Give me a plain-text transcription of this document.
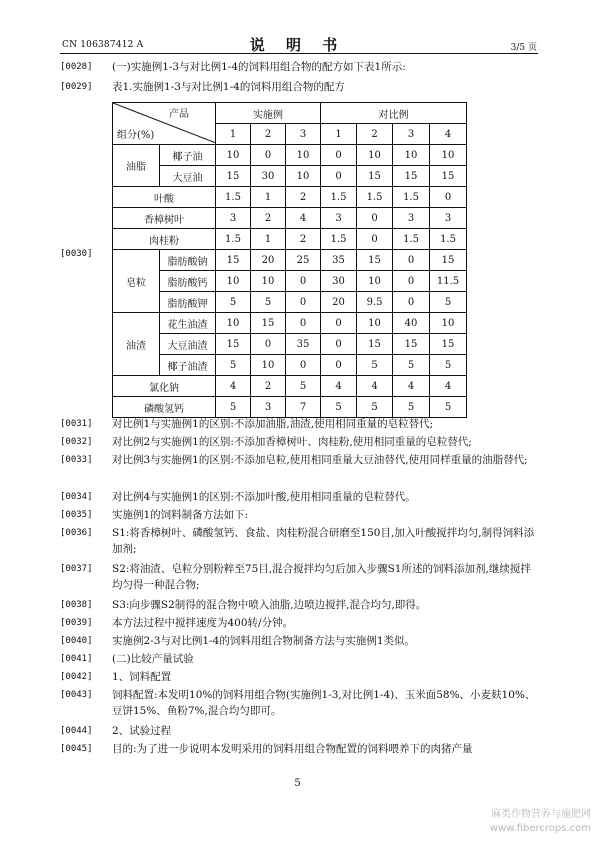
CN 106387412 A	说 明 书	3/5 页
[0028] (一)实施例1-3与对比例1-4的饲料用组合物的配方如下表1所示:
[0029] 表1.实施例1-3与对比例1-4的饲料用组合物的配方
产品
组分(%)		实施例			对比例			
		1	2	3	1	2	3	4
油脂	椰子油	10	0	10	0	10	10	10
	大豆油	15	30	10	0	15	15	15
叶酸		1.5	1	2	1.5	1.5	1.5	0
香樟树叶		3	2	4	3	0	3	3
肉桂粉		1.5	1	2	1.5	0	1.5	1.5
皂粒	脂肪酸钠	15	20	25	35	15	0	15
	脂肪酸钙	10	10	0	30	10	0	11.5
	脂肪酸钾	5	5	0	20	9.5	0	5
油渣	花生油渣	10	15	0	0	10	40	10
	大豆油渣	15	0	35	0	15	15	15
	椰子油渣	5	10	0	0	5	5	5
氯化钠		4	2	5	4	4	4	4
磷酸氢钙		5	3	7	5	5	5	5
[0030]
[0031] 对比例1与实施例1的区别:不添加油脂,油渣,使用相同重量的皂粒替代;
[0032] 对比例2与实施例1的区别:不添加香樟树叶、肉桂粉,使用相同重量的皂粒替代;
[0033] 对比例3与实施例1的区别:不添加皂粒,使用相同重量大豆油替代,使用同样重量的油脂替代;
[0034] 对比例4与实施例1的区别:不添加叶酸,使用相同重量的皂粒替代。
[0035] 实施例1的饲料制备方法如下:
[0036] S1:将香樟树叶、磷酸氢钙、食盐、肉桂粉混合研磨至150目,加入叶酸搅拌均匀,制得饲料添加剂;
[0037] S2:将油渣、皂粒分别粉粹至75目,混合搅拌均匀后加入步骤S1所述的饲料添加剂,继续搅拌均匀得一种混合物;
[0038] S3:向步骤S2制得的混合物中喷入油脂,边喷边搅拌,混合均匀,即得。
[0039] 本方法过程中搅拌速度为400转/分钟。
[0040] 实施例2-3与对比例1-4的饲料用组合物制备方法与实施例1类似。
[0041] (二)比较产量试验
[0042] 1、饲料配置
[0043] 饲料配置:本发明10%的饲料用组合物(实施例1-3,对比例1-4)、玉米面58%、小麦麸10%、豆饼15%、鱼粉7%,混合均匀即可。
[0044] 2、试验过程
[0045] 目的:为了进一步说明本发明采用的饲料用组合物配置的饲料喂养下的肉猪产量
5
麻类作物营养与施肥网
www.fibercrops.com
